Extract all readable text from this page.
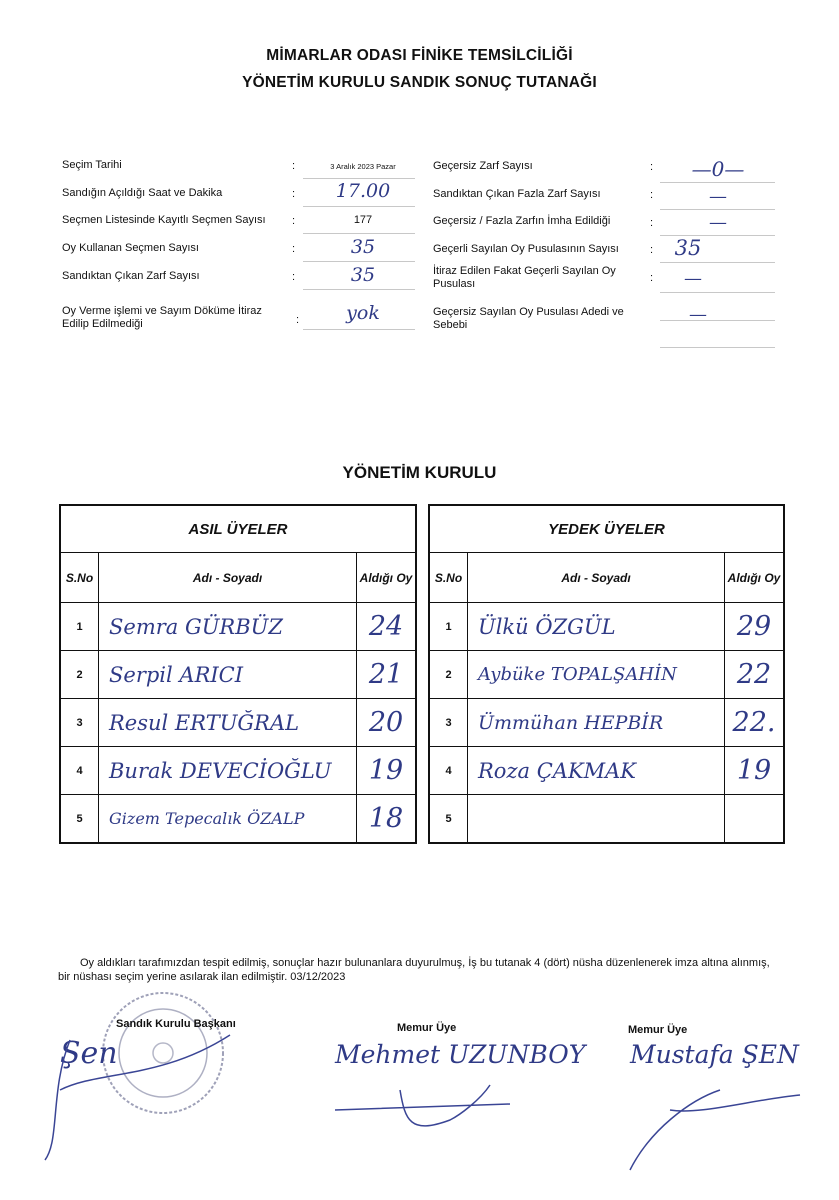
MİMARLAR ODASI FİNİKE TEMSİLCİLİĞİ
YÖNETİM KURULU SANDIK SONUÇ TUTANAĞI
Seçim Tarihi	:	3 Aralık 2023 Pazar
Sandığın Açıldığı Saat ve Dakika	:	17.00
Seçmen Listesinde Kayıtlı Seçmen Sayısı	:	177
Oy Kullanan Seçmen Sayısı	:	35
Sandıktan Çıkan Zarf Sayısı	:	35
Oy Verme işlemi ve Sayım Döküme İtiraz Edilip Edilmediği	:	yok
Geçersiz Zarf Sayısı	:	—0—
Sandıktan Çıkan Fazla Zarf Sayısı	:	—
Geçersiz / Fazla Zarfın İmha Edildiği	:	—
Geçerli Sayılan Oy Pusulasının Sayısı	:	35
İtiraz Edilen Fakat Geçerli Sayılan Oy Pusulası	:	—
Geçersiz Sayılan Oy Pusulası Adedi ve Sebebi	—
YÖNETİM KURULU
ASIL ÜYELER		
S.No	Adı - Soyadı	Aldığı Oy
1	Semra GÜRBÜZ	24
2	Serpil ARICI	21
3	Resul ERTUĞRAL	20
4	Burak DEVECİOĞLU	19
5	Gizem Tepecalık ÖZALP	18
YEDEK ÜYELER		
S.No	Adı - Soyadı	Aldığı Oy
1	Ülkü ÖZGÜL	29
2	Aybüke TOPALŞAHİN	22
3	Ümmühan HEPBİR	22.
4	Roza ÇAKMAK	19
5		
Oy aldıkları tarafımızdan tespit edilmiş, sonuçlar hazır bulunanlara duyurulmuş, İş bu tutanak 4 (dört) nüsha düzenlenerek imza altına alınmış, bir nüshası seçim yerine asılarak ilan edilmiştir. 03/12/2023
Sandık Kurulu Başkanı
Şen
Memur Üye
Mehmet UZUNBOY
Memur Üye
Mustafa ŞEN
